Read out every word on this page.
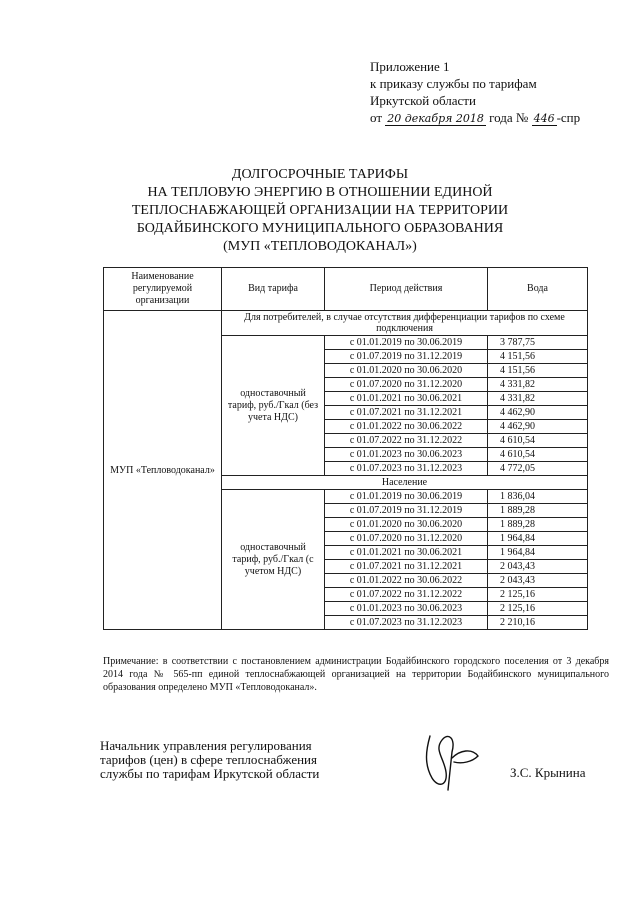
Приложение 1
к приказу службы по тарифам
Иркутской области
от 20 декабря 2018 года № 446 -спр
ДОЛГОСРОЧНЫЕ ТАРИФЫ
НА ТЕПЛОВУЮ ЭНЕРГИЮ В ОТНОШЕНИИ ЕДИНОЙ
ТЕПЛОСНАБЖАЮЩЕЙ ОРГАНИЗАЦИИ НА ТЕРРИТОРИИ
БОДАЙБИНСКОГО МУНИЦИПАЛЬНОГО ОБРАЗОВАНИЯ
(МУП «ТЕПЛОВОДОКАНАЛ»)
Наименование регулируемой организации	Вид тарифа	Период действия	Вода
МУП «Тепловодоканал»	Для потребителей, в случае отсутствия дифференциации тарифов по схеме подключения		
	одноставочный тариф, руб./Гкал (без учета НДС)	с 01.01.2019 по 30.06.2019	3 787,75
		с 01.07.2019 по 31.12.2019	4 151,56
		с 01.01.2020 по 30.06.2020	4 151,56
		с 01.07.2020 по 31.12.2020	4 331,82
		с 01.01.2021 по 30.06.2021	4 331,82
		с 01.07.2021 по 31.12.2021	4 462,90
		с 01.01.2022 по 30.06.2022	4 462,90
		с 01.07.2022 по 31.12.2022	4 610,54
		с 01.01.2023 по 30.06.2023	4 610,54
		с 01.07.2023 по 31.12.2023	4 772,05
	Население		
	одноставочный тариф, руб./Гкал (с учетом НДС)	с 01.01.2019 по 30.06.2019	1 836,04
		с 01.07.2019 по 31.12.2019	1 889,28
		с 01.01.2020 по 30.06.2020	1 889,28
		с 01.07.2020 по 31.12.2020	1 964,84
		с 01.01.2021 по 30.06.2021	1 964,84
		с 01.07.2021 по 31.12.2021	2 043,43
		с 01.01.2022 по 30.06.2022	2 043,43
		с 01.07.2022 по 31.12.2022	2 125,16
		с 01.01.2023 по 30.06.2023	2 125,16
		с 01.07.2023 по 31.12.2023	2 210,16
Примечание: в соответствии с постановлением администрации Бодайбинского городского поселения от 3 декабря 2014 года № 565-пп единой теплоснабжающей организацией на территории Бодайбинского муниципального образования определено МУП «Тепловодоканал».
Начальник управления регулирования
тарифов (цен) в сфере теплоснабжения
службы по тарифам Иркутской области	З.С. Крынина
